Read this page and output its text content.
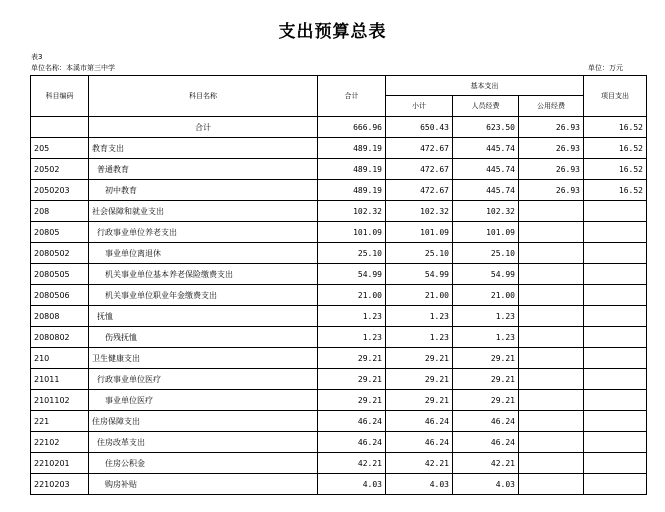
支出预算总表
表3
单位名称：本溪市第三中学	单位：万元
科目编码	科目名称	合计	基本支出			项目支出
			小计	人员经费	公用经费	
	合计	666.96	650.43	623.50	26.93	16.52
205	教育支出	489.19	472.67	445.74	26.93	16.52
20502	普通教育	489.19	472.67	445.74	26.93	16.52
2050203	初中教育	489.19	472.67	445.74	26.93	16.52
208	社会保障和就业支出	102.32	102.32	102.32		
20805	行政事业单位养老支出	101.09	101.09	101.09		
2080502	事业单位离退休	25.10	25.10	25.10		
2080505	机关事业单位基本养老保险缴费支出	54.99	54.99	54.99		
2080506	机关事业单位职业年金缴费支出	21.00	21.00	21.00		
20808	抚恤	1.23	1.23	1.23		
2080802	伤残抚恤	1.23	1.23	1.23		
210	卫生健康支出	29.21	29.21	29.21		
21011	行政事业单位医疗	29.21	29.21	29.21		
2101102	事业单位医疗	29.21	29.21	29.21		
221	住房保障支出	46.24	46.24	46.24		
22102	住房改革支出	46.24	46.24	46.24		
2210201	住房公积金	42.21	42.21	42.21		
2210203	购房补贴	4.03	4.03	4.03		
